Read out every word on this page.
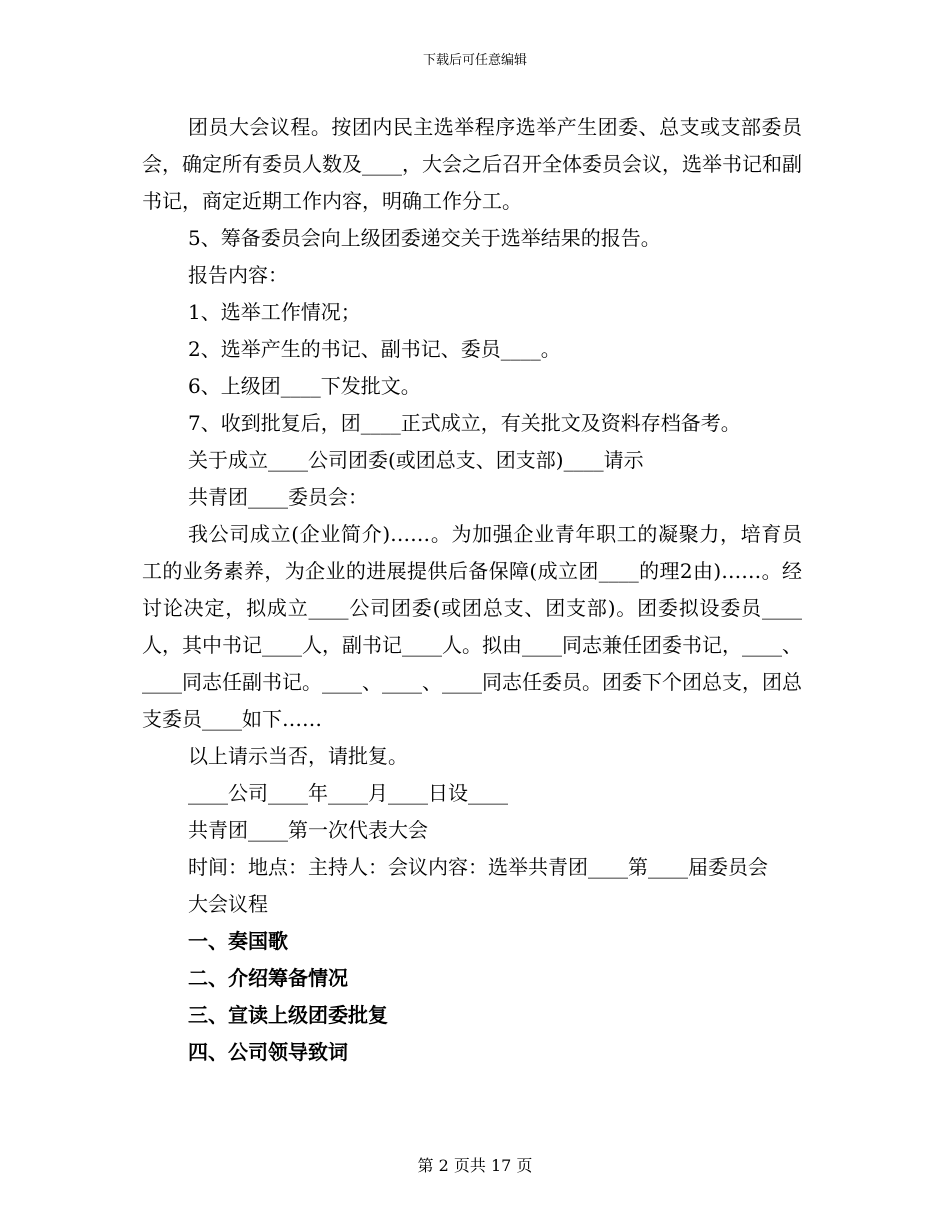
下载后可任意编辑

团员大会议程。按团内民主选举程序选举产生团委、总支或支部委员会，确定所有委员人数及____，大会之后召开全体委员会议，选举书记和副书记，商定近期工作内容，明确工作分工。

5、筹备委员会向上级团委递交关于选举结果的报告。

报告内容：

1、选举工作情况；

2、选举产生的书记、副书记、委员____。

6、上级团____下发批文。

7、收到批复后，团____正式成立，有关批文及资料存档备考。

关于成立____公司团委(或团总支、团支部)____请示

共青团____委员会：

我公司成立(企业简介)……。为加强企业青年职工的凝聚力，培育员工的业务素养，为企业的进展提供后备保障(成立团____的理2由)……。经讨论决定，拟成立____公司团委(或团总支、团支部)。团委拟设委员____人，其中书记____人，副书记____人。拟由____同志兼任团委书记，____、____同志任副书记。____、____、____同志任委员。团委下个团总支，团总支委员____如下……

以上请示当否，请批复。

____公司____年____月____日设____

共青团____第一次代表大会

时间：地点：主持人：会议内容：选举共青团____第____届委员会

大会议程

一、奏国歌

二、介绍筹备情况

三、宣读上级团委批复

四、公司领导致词

第 2 页共 17 页
